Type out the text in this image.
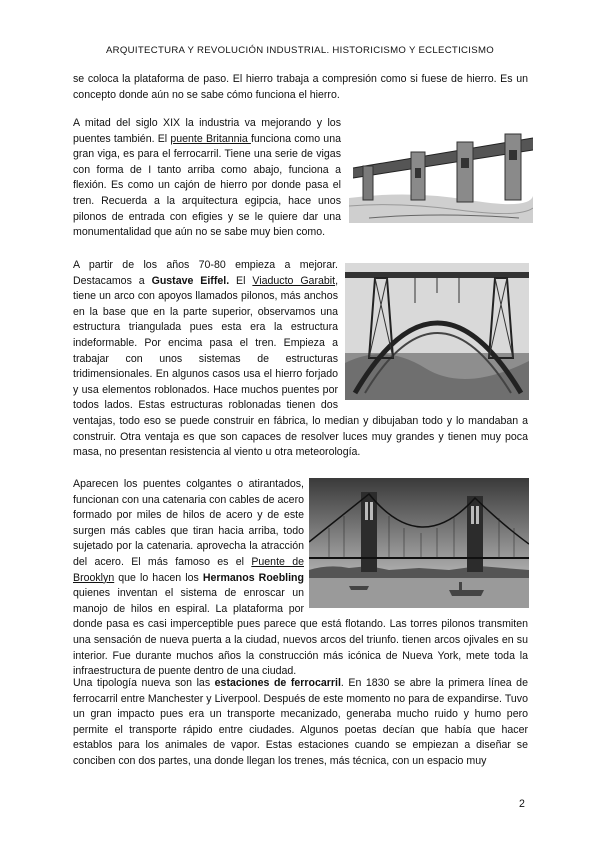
ARQUITECTURA Y REVOLUCIÓN INDUSTRIAL. HISTORICISMO Y ECLECTICISMO

se coloca la plataforma de paso. El hierro trabaja a compresión como si fuese de hierro. Es un concepto donde aún no se sabe cómo funciona el hierro.

A mitad del siglo XIX la industria va mejorando y los puentes también. El puente Britannia funciona como una gran viga, es para el ferrocarril. Tiene una serie de vigas con forma de I tanto arriba como abajo, funciona a flexión. Es como un cajón de hierro por donde pasa el tren. Recuerda a la arquitectura egipcia, hace unos pilonos de entrada con efigies y se le quiere dar una monumentalidad que aún no se sabe muy bien como.

A partir de los años 70-80 empieza a mejorar. Destacamos a Gustave Eiffel. El Viaducto Garabit, tiene un arco con apoyos llamados pilonos, más anchos en la base que en la parte superior, observamos una estructura triangulada pues esta era la estructura indeformable. Por encima pasa el tren. Empieza a trabajar con unos sistemas de estructuras tridimensionales. En algunos casos usa el hierro forjado y usa elementos roblonados. Hace muchos puentes por todos lados. Estas estructuras roblonadas tienen dos ventajas, todo eso se puede construir en fábrica, lo median y dibujaban todo y lo mandaban a construir. Otra ventaja es que son capaces de resolver luces muy grandes y tienen muy poca masa, no presentan resistencia al viento u otra meteorología.
Aparecen los puentes colgantes o atirantados, funcionan con una catenaria con cables de acero formado por miles de hilos de acero y de este surgen más cables que tiran hacia arriba, todo sujetado por la catenaria. aprovecha la atracción del acero. El más famoso es el Puente de Brooklyn que lo hacen los Hermanos Roebling quienes inventan el sistema de enroscar un manojo de hilos en espiral. La plataforma por donde pasa es casi imperceptible pues parece que está flotando. Las torres pilonos transmiten una sensación de nueva puerta a la ciudad, nuevos arcos del triunfo. tienen arcos ojivales en su interior. Fue durante muchos años la construcción más icónica de Nueva York, mete toda la infraestructura de puente dentro de una ciudad.

Una tipología nueva son las estaciones de ferrocarril. En 1830 se abre la primera línea de ferrocarril entre Manchester y Liverpool. Después de este momento no para de expandirse. Tuvo un gran impacto pues era un transporte mecanizado, generaba mucho ruido y humo pero permite el transporte rápido entre ciudades. Algunos poetas decían que había que hacer establos para los animales de vapor. Estas estaciones cuando se empiezan a diseñar se conciben con dos partes, una donde llegan los trenes, más técnica, con un espacio muy

2
